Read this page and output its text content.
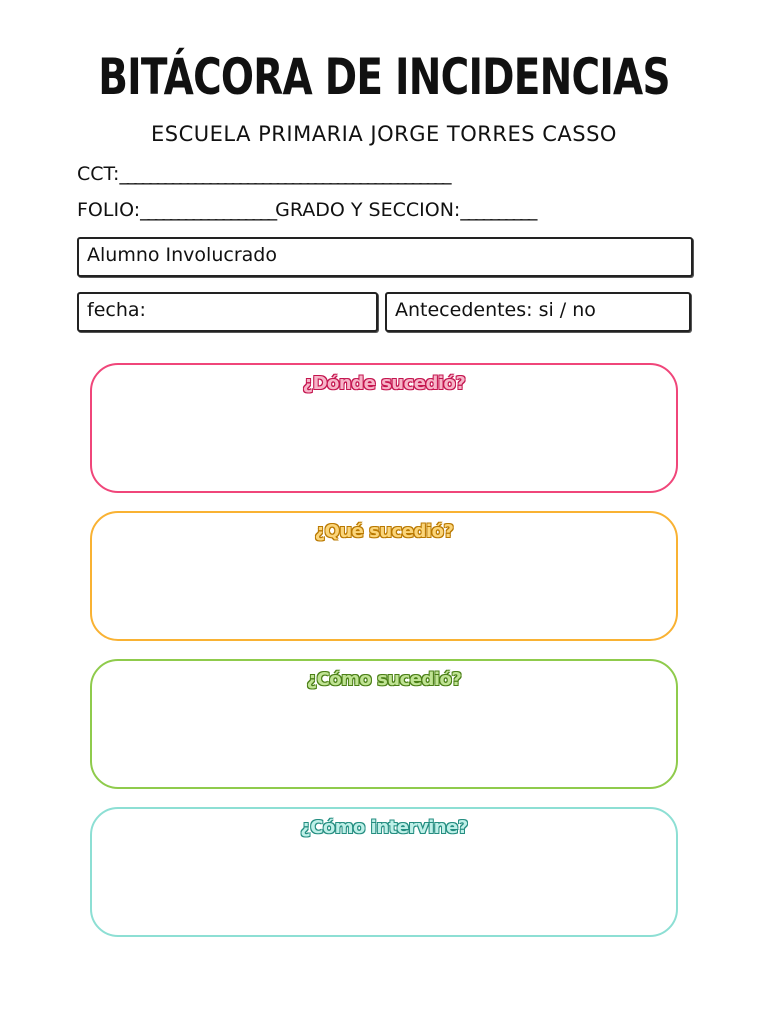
BITÁCORA DE INCIDENCIAS
ESCUELA PRIMARIA JORGE TORRES CASSO
CCT:____________________________________________
FOLIO:__________________GRADO Y SECCION:__________
Alumno Involucrado
fecha:	Antecedentes: si / no
¿Dónde sucedió?
¿Qué sucedió?
¿Cómo sucedió?
¿Cómo intervine?
